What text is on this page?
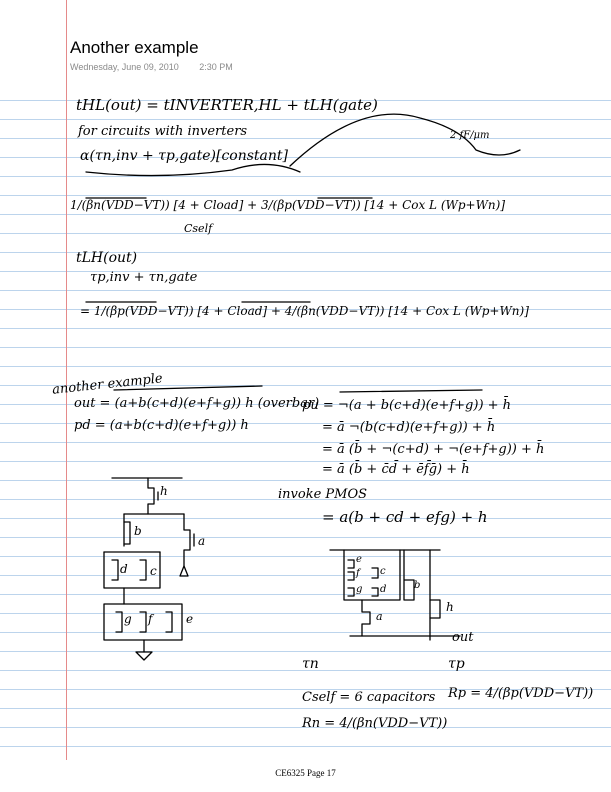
Another example
Wednesday, June 09, 2010 2:30 PM
tHL(out) = tINVERTER,HL + tLH(gate)
for circuits with inverters
α(τn,inv + τp,gate)[constant]
2 fF/μm
1/(βn(VDD−VT)) [4 + Cload] + 3/(βp(VDD−VT)) [14 + Cox L (Wp+Wn)]
Cself
tLH(out)
τp,inv + τn,gate
= 1/(βp(VDD−VT)) [4 + Cload] + 4/(βn(VDD−VT)) [14 + Cox L (Wp+Wn)]
another example
out = (a+b(c+d)(e+f+g)) h (overbar)
pd = (a+b(c+d)(e+f+g)) h
pu = ¬(a + b(c+d)(e+f+g)) + h̄
= ā ¬(b(c+d)(e+f+g)) + h̄
= ā (b̄ + ¬(c+d) + ¬(e+f+g)) + h̄
= ā (b̄ + c̄d̄ + ēf̄ḡ) + h̄
invoke PMOS
= a(b + cd + efg) + h
τn	τp
Cself = 6 capacitors
Rn = 4/(βn(VDD−VT))
Rp = 4/(βp(VDD−VT))
h
b
a
d c
g f	e
e
f c
g d	b
a
h
out
CE6325 Page 17
